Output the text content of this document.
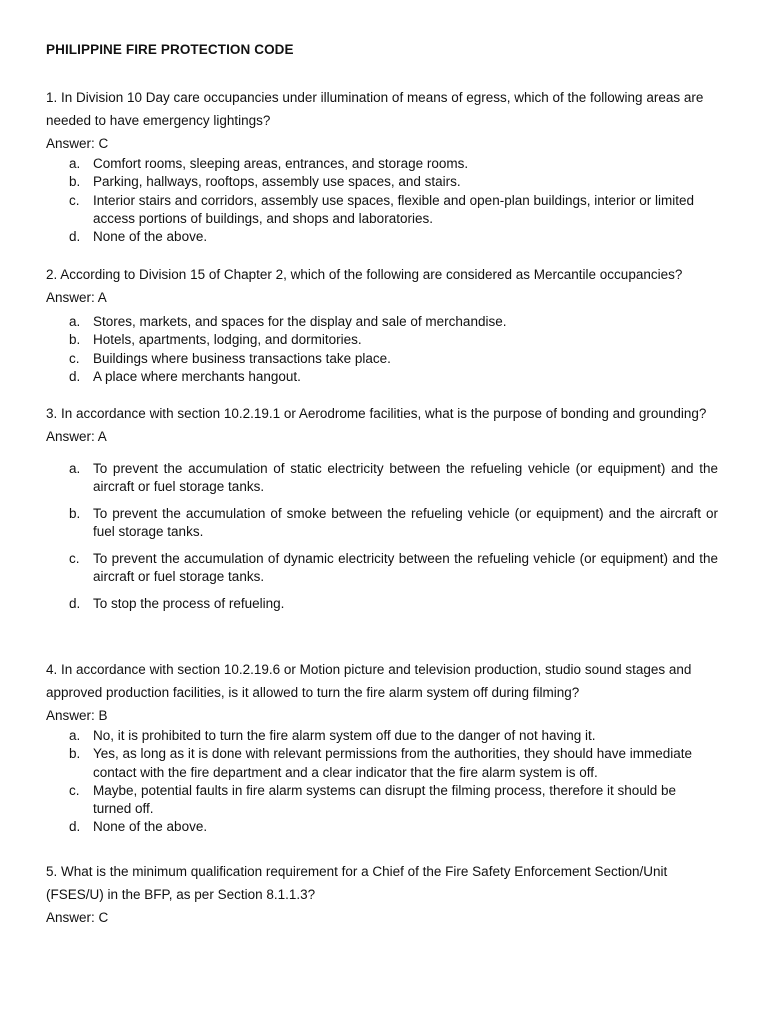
PHILIPPINE FIRE PROTECTION CODE

1. In Division 10 Day care occupancies under illumination of means of egress, which of the following areas are needed to have emergency lightings?

Answer: C

a. Comfort rooms, sleeping areas, entrances, and storage rooms.
b. Parking, hallways, rooftops, assembly use spaces, and stairs.
c. Interior stairs and corridors, assembly use spaces, flexible and open-plan buildings, interior or limited access portions of buildings, and shops and laboratories.
d. None of the above.

2. According to Division 15 of Chapter 2, which of the following are considered as Mercantile occupancies?

Answer: A

a. Stores, markets, and spaces for the display and sale of merchandise.
b. Hotels, apartments, lodging, and dormitories.
c. Buildings where business transactions take place.
d. A place where merchants hangout.

3. In accordance with section 10.2.19.1 or Aerodrome facilities, what is the purpose of bonding and grounding?

Answer: A

a. To prevent the accumulation of static electricity between the refueling vehicle (or equipment) and the aircraft or fuel storage tanks.
b. To prevent the accumulation of smoke between the refueling vehicle (or equipment) and the aircraft or fuel storage tanks.
c. To prevent the accumulation of dynamic electricity between the refueling vehicle (or equipment) and the aircraft or fuel storage tanks.
d. To stop the process of refueling.

4. In accordance with section 10.2.19.6 or Motion picture and television production, studio sound stages and approved production facilities, is it allowed to turn the fire alarm system off during filming?

Answer: B

a. No, it is prohibited to turn the fire alarm system off due to the danger of not having it.
b. Yes, as long as it is done with relevant permissions from the authorities, they should have immediate contact with the fire department and a clear indicator that the fire alarm system is off.
c. Maybe, potential faults in fire alarm systems can disrupt the filming process, therefore it should be turned off.
d. None of the above.

5. What is the minimum qualification requirement for a Chief of the Fire Safety Enforcement Section/Unit (FSES/U) in the BFP, as per Section 8.1.1.3?

Answer: C
